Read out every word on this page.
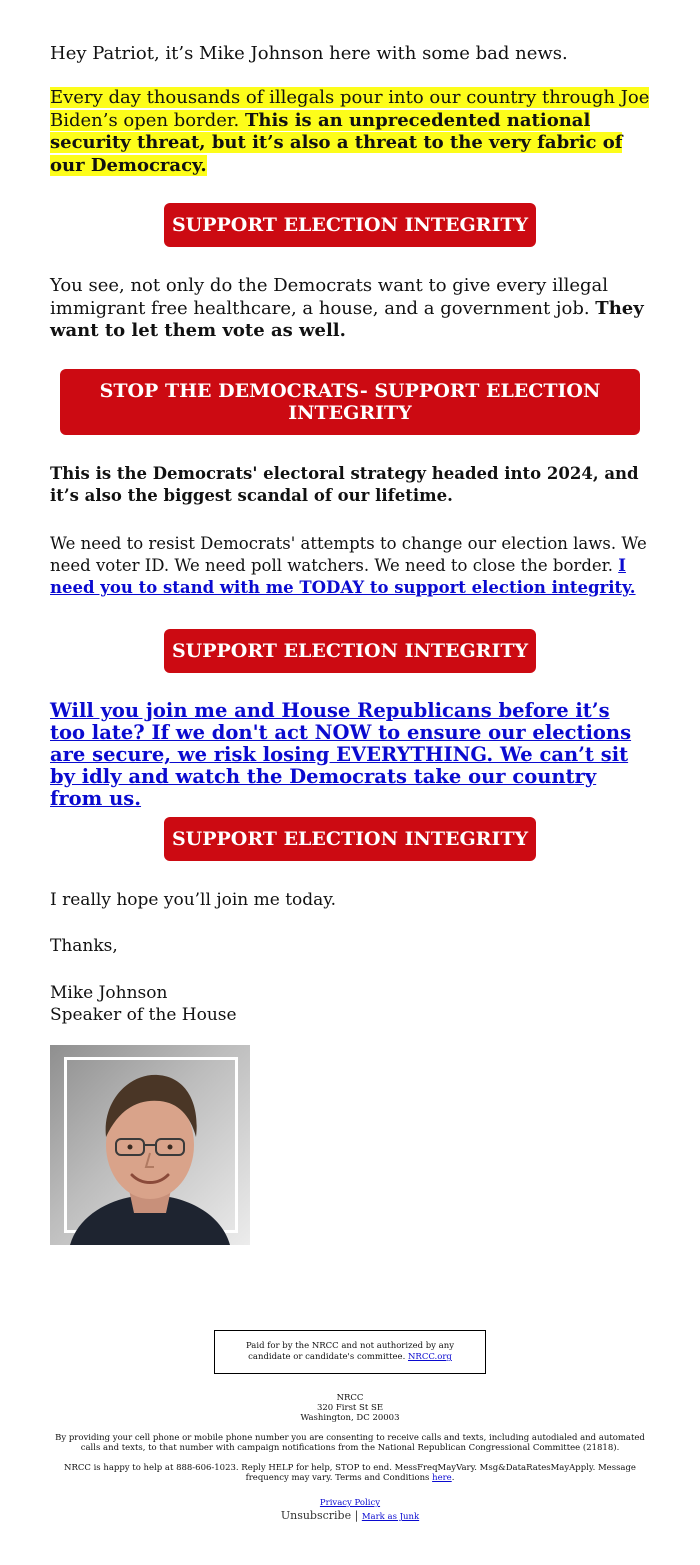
Hey Patriot, it’s Mike Johnson here with some bad news.

Every day thousands of illegals pour into our country through Joe Biden’s open border. This is an unprecedented national security threat, but it’s also a threat to the very fabric of our Democracy.

SUPPORT ELECTION INTEGRITY

You see, not only do the Democrats want to give every illegal immigrant free healthcare, a house, and a government job. They want to let them vote as well.

STOP THE DEMOCRATS- SUPPORT ELECTION INTEGRITY

This is the Democrats' electoral strategy headed into 2024, and it’s also the biggest scandal of our lifetime.

We need to resist Democrats' attempts to change our election laws. We need voter ID. We need poll watchers. We need to close the border. I need you to stand with me TODAY to support election integrity.

SUPPORT ELECTION INTEGRITY

Will you join me and House Republicans before it’s too late? If we don't act NOW to ensure our elections are secure, we risk losing EVERYTHING. We can’t sit by idly and watch the Democrats take our country from us.

SUPPORT ELECTION INTEGRITY

I really hope you’ll join me today.

Thanks,

Mike Johnson
Speaker of the House

Paid for by the NRCC and not authorized by any candidate or candidate's committee. NRCC.org
NRCC
320 First St SE
Washington, DC 20003
By providing your cell phone or mobile phone number you are consenting to receive calls and texts, including autodialed and automated calls and texts, to that number with campaign notifications from the National Republican Congressional Committee (21818).
NRCC is happy to help at 888-606-1023. Reply HELP for help, STOP to end. MessFreqMayVary. Msg&DataRatesMayApply. Message frequency may vary. Terms and Conditions here.
Privacy Policy
Unsubscribe | Mark as Junk
